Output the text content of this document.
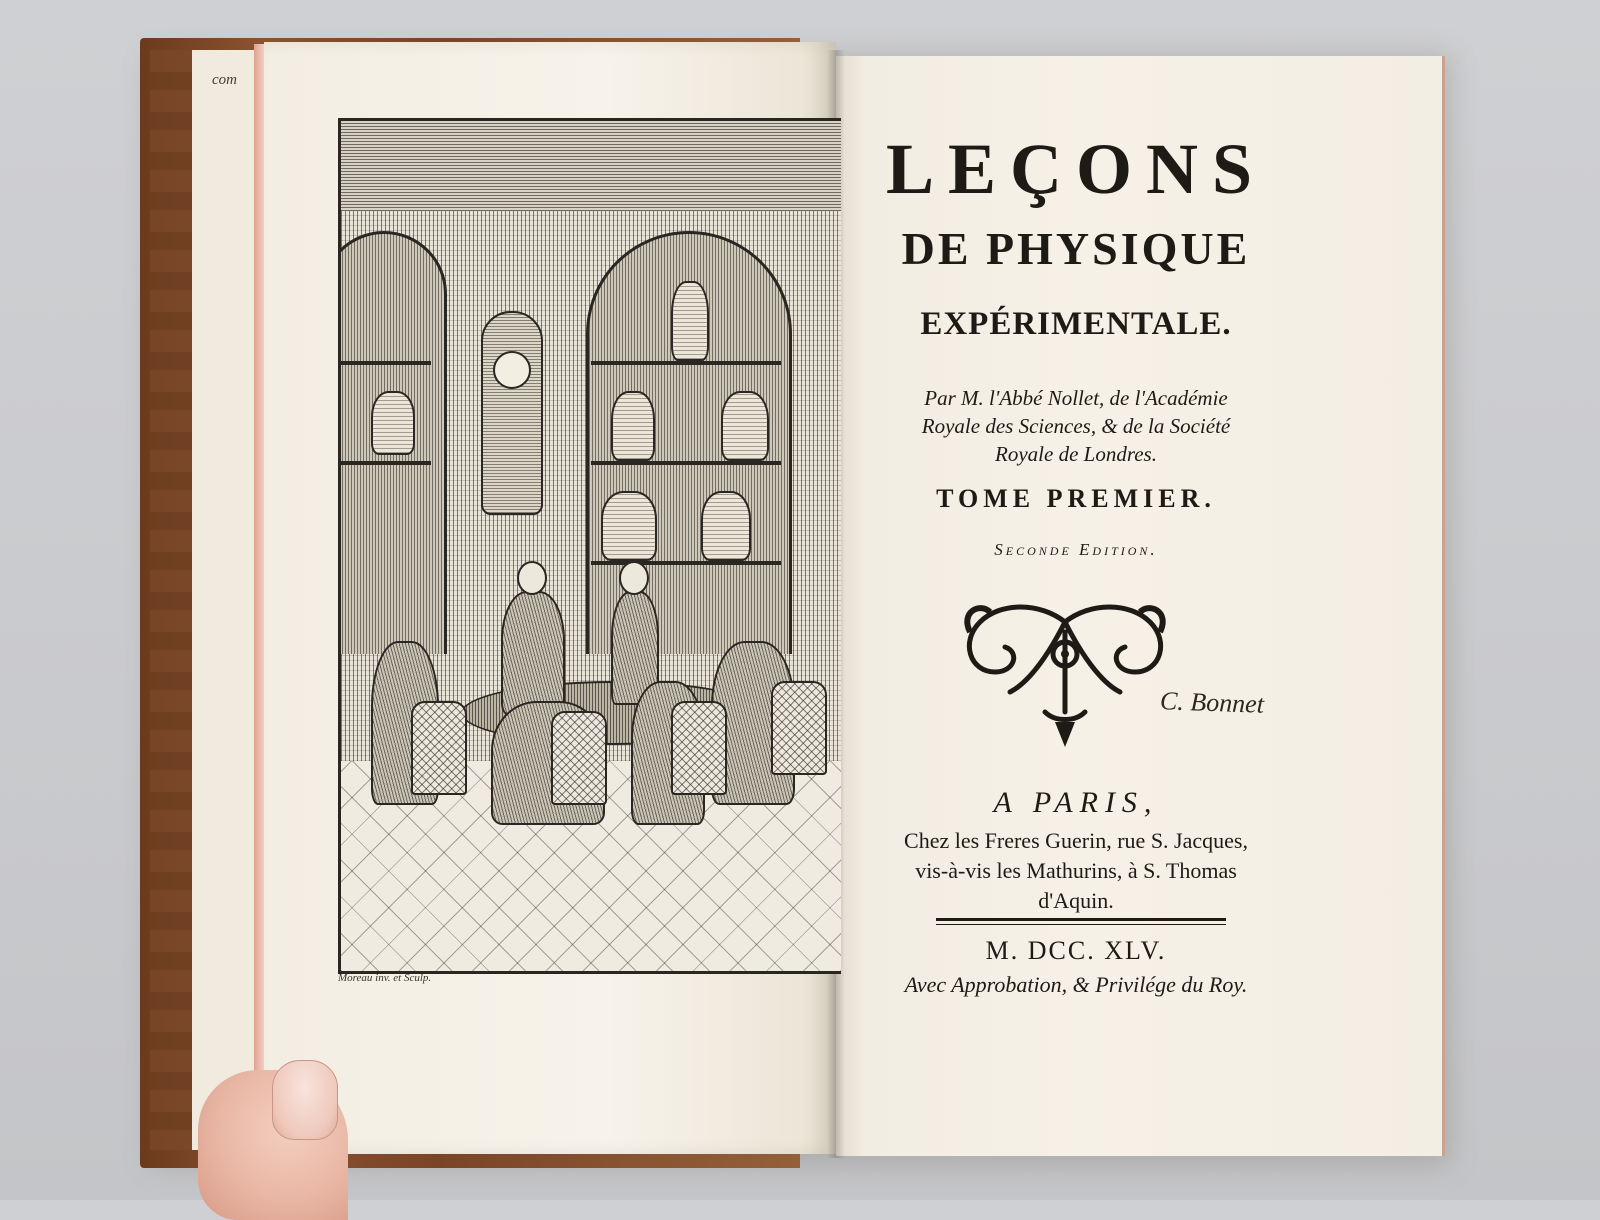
com
Moreau inv. et Sculp.
LEÇONS
DE PHYSIQUE
EXPÉRIMENTALE.
Par M. l'Abbé Nollet, de l'Académie
Royale des Sciences, & de la Société
Royale de Londres.
TOME PREMIER.
Seconde Edition.
C. Bonnet
A PARIS,
Chez les Freres Guerin, rue S. Jacques,
vis-à-vis les Mathurins, à S. Thomas
d'Aquin.
M. DCC. XLV.
Avec Approbation, & Privilége du Roy.
